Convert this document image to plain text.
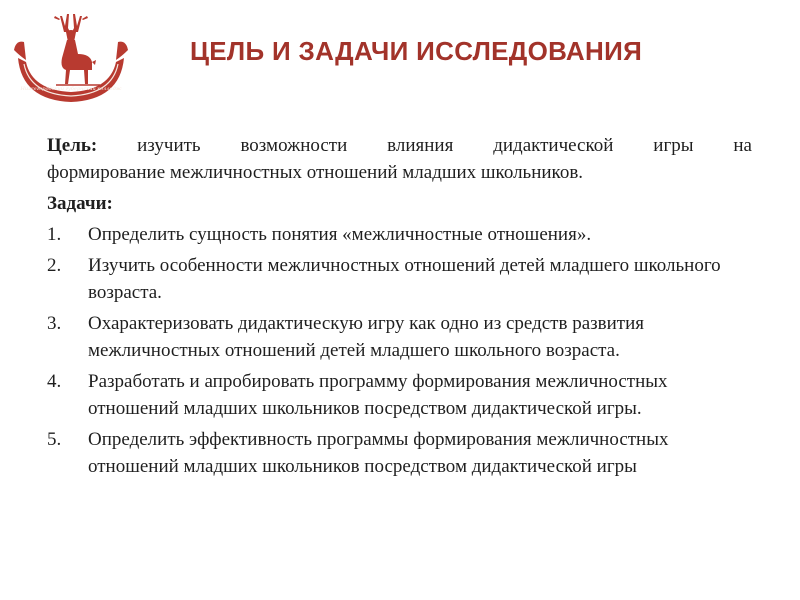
Нижегородский губернский колледж
ЦЕЛЬ И ЗАДАЧИ ИССЛЕДОВАНИЯ

Цель: изучить возможности влияния дидактической игры на
формирование межличностных отношений младших школьников.

Задачи:

1. Определить сущность понятия «межличностные отношения».
2. Изучить особенности межличностных отношений детей младшего школьного возраста.
3. Охарактеризовать дидактическую игру как одно из средств развития межличностных отношений детей младшего школьного возраста.
4. Разработать и апробировать программу формирования межличностных отношений младших школьников посредством дидактической игры.
5. Определить эффективность программы формирования межличностных отношений младших школьников посредством дидактической игры
